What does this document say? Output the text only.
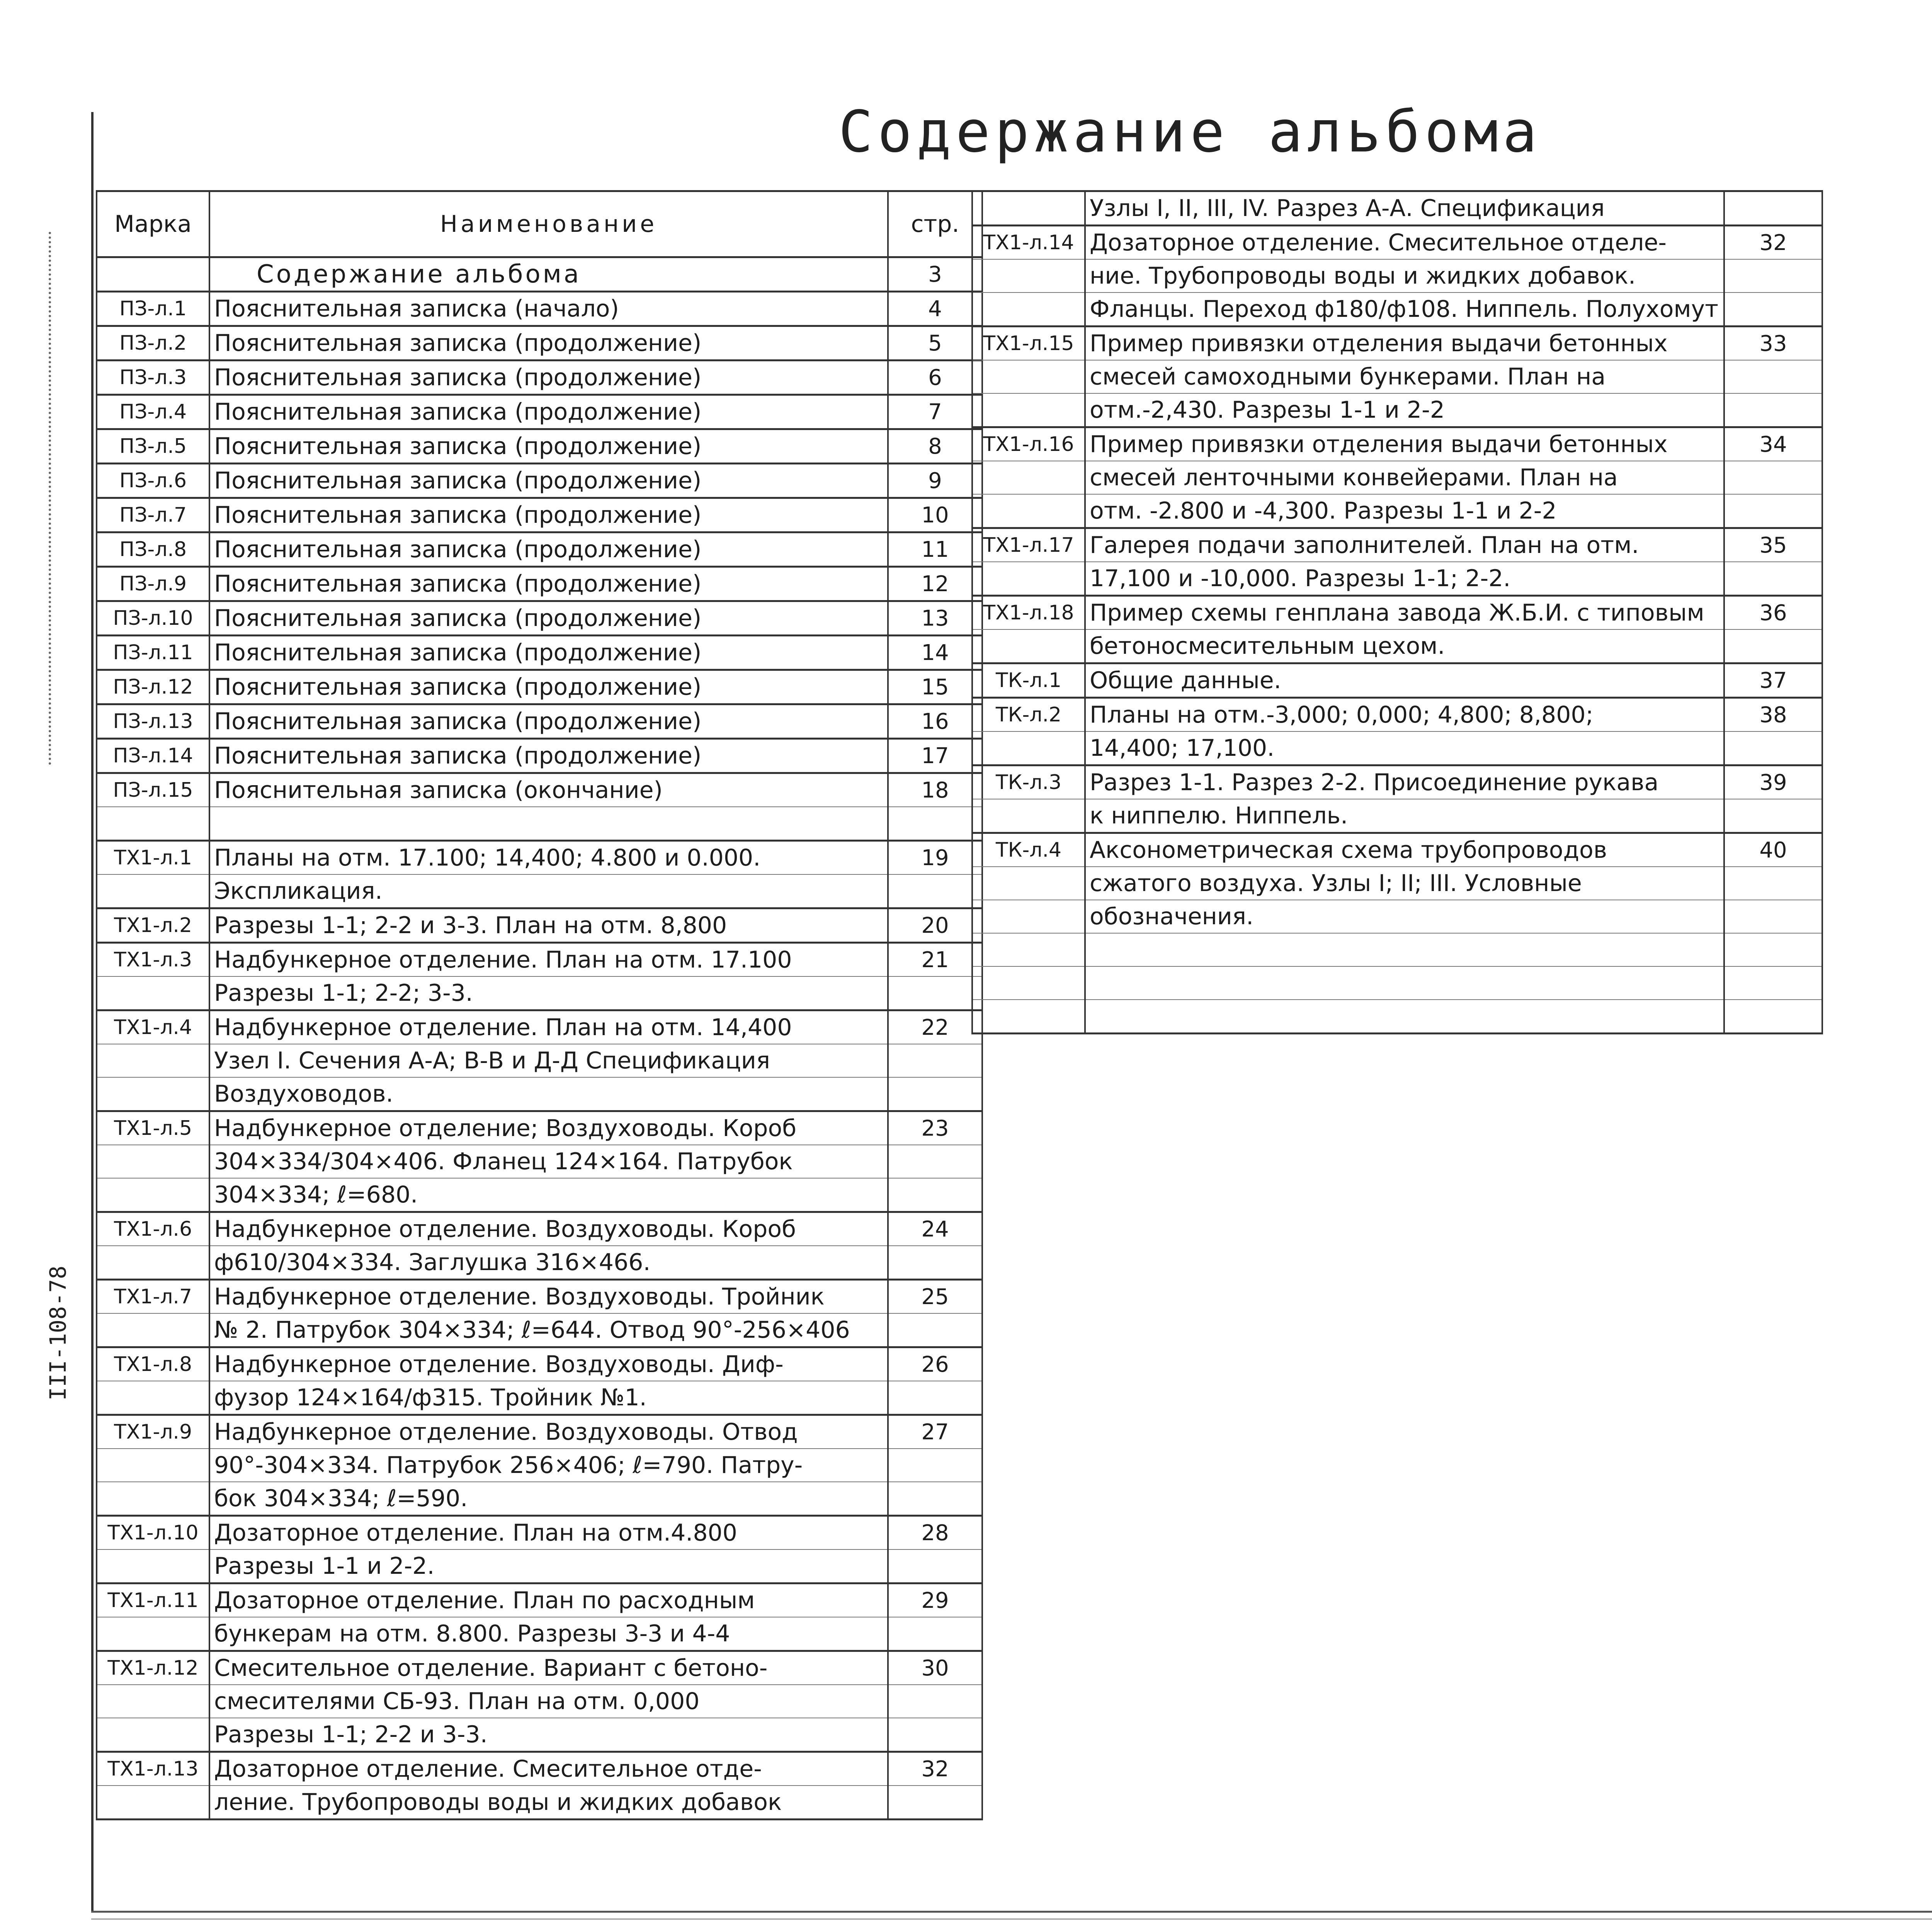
Содержание альбома
Марка	Наименование	стр.
	Содержание альбома	3
ПЗ-л.1	Пояснительная записка (начало)	4
ПЗ-л.2	Пояснительная записка (продолжение)	5
ПЗ-л.3	Пояснительная записка (продолжение)	6
ПЗ-л.4	Пояснительная записка (продолжение)	7
ПЗ-л.5	Пояснительная записка (продолжение)	8
ПЗ-л.6	Пояснительная записка (продолжение)	9
ПЗ-л.7	Пояснительная записка (продолжение)	10
ПЗ-л.8	Пояснительная записка (продолжение)	11
ПЗ-л.9	Пояснительная записка (продолжение)	12
ПЗ-л.10	Пояснительная записка (продолжение)	13
ПЗ-л.11	Пояснительная записка (продолжение)	14
ПЗ-л.12	Пояснительная записка (продолжение)	15
ПЗ-л.13	Пояснительная записка (продолжение)	16
ПЗ-л.14	Пояснительная записка (продолжение)	17
ПЗ-л.15	Пояснительная записка (окончание)	18

ТХ1-л.1	Планы на отм. 17.100; 14,400; 4.800 и 0.000.	19
	Экспликация.	
ТХ1-л.2	Разрезы 1-1; 2-2 и 3-3. План на отм. 8,800	20
ТХ1-л.3	Надбункерное отделение. План на отм. 17.100	21
	Разрезы 1-1; 2-2; 3-3.	
ТХ1-л.4	Надбункерное отделение. План на отм. 14,400	22
	Узел I. Сечения А-А; В-В и Д-Д Спецификация	
	Воздуховодов.	
ТХ1-л.5	Надбункерное отделение; Воздуховоды. Короб	23
	304×334/304×406. Фланец 124×164. Патрубок	
	304×334; ℓ=680.	
ТХ1-л.6	Надбункерное отделение. Воздуховоды. Короб	24
	ф610/304×334. Заглушка 316×466.	
ТХ1-л.7	Надбункерное отделение. Воздуховоды. Тройник	25
	№ 2. Патрубок 304×334; ℓ=644. Отвод 90°-256×406	
ТХ1-л.8	Надбункерное отделение. Воздуховоды. Диф-	26
	фузор 124×164/ф315. Тройник №1.	
ТХ1-л.9	Надбункерное отделение. Воздуховоды. Отвод	27
	90°-304×334. Патрубок 256×406; ℓ=790. Патру-	
	бок 304×334; ℓ=590.	
ТХ1-л.10	Дозаторное отделение. План на отм.4.800	28
	Разрезы 1-1 и 2-2.	
ТХ1-л.11	Дозаторное отделение. План по расходным	29
	бункерам на отм. 8.800. Разрезы 3-3 и 4-4	
ТХ1-л.12	Смесительное отделение. Вариант с бетоно-	30
	смесителями СБ-93. План на отм. 0,000	
	Разрезы 1-1; 2-2 и 3-3.	
ТХ1-л.13	Дозаторное отделение. Смесительное отде-	32
	ление. Трубопроводы воды и жидких добавок	
	Узлы I, II, III, IV. Разрез А-А. Спецификация	
ТХ1-л.14	Дозаторное отделение. Смесительное отделе-	32
	ние. Трубопроводы воды и жидких добавок.	
	Фланцы. Переход ф180/ф108. Ниппель. Полухомут	
ТХ1-л.15	Пример привязки отделения выдачи бетонных	33
	смесей самоходными бункерами. План на	
	отм.-2,430. Разрезы 1-1 и 2-2	
ТХ1-л.16	Пример привязки отделения выдачи бетонных	34
	смесей ленточными конвейерами. План на	
	отм. -2.800 и -4,300. Разрезы 1-1 и 2-2	
ТХ1-л.17	Галерея подачи заполнителей. План на отм.	35
	17,100 и -10,000. Разрезы 1-1; 2-2.	
ТХ1-л.18	Пример схемы генплана завода Ж.Б.И. с типовым	36
	бетоносмесительным цехом.	
ТК-л.1	Общие данные.	37
ТК-л.2	Планы на отм.-3,000; 0,000; 4,800; 8,800;	38
	14,400; 17,100.	
ТК-л.3	Разрез 1-1. Разрез 2-2. Присоединение рукава	39
	к ниппелю. Ниппель.	
ТК-л.4	Аксонометрическая схема трубопроводов	40
	сжатого воздуха. Узлы I; II; III. Условные	
	обозначения.	

III-108-78
